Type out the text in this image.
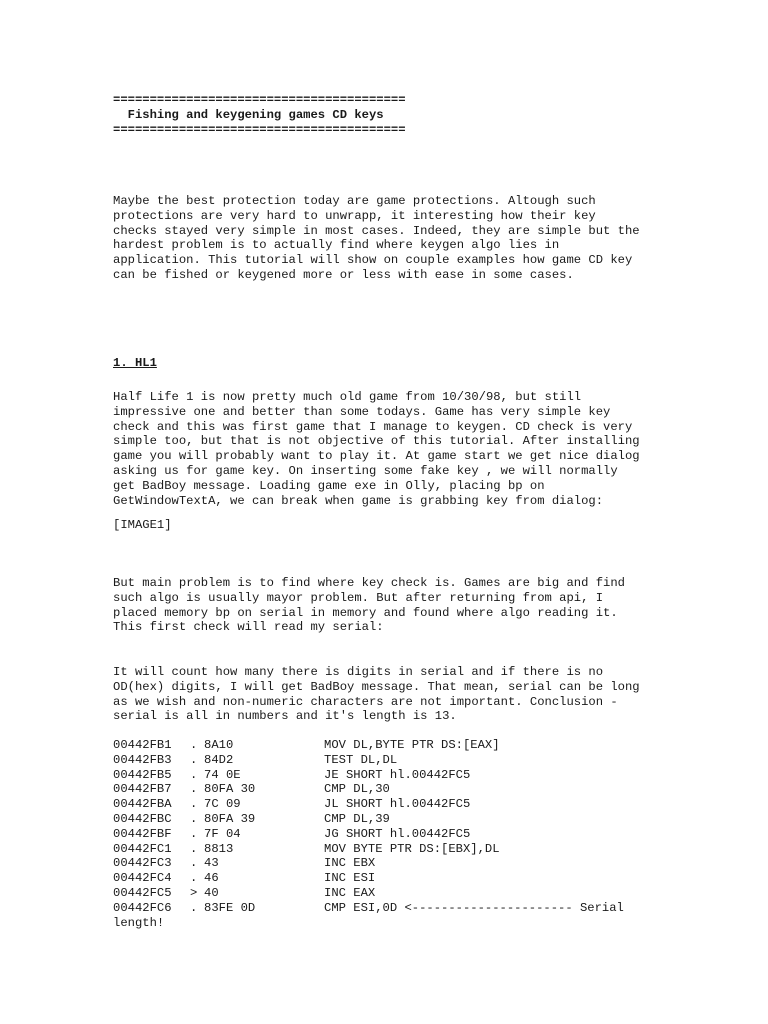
========================================
Fishing and keygening games CD keys
========================================
Maybe the best protection today are game protections. Altough such
protections are very hard to unwrapp, it interesting how their key
checks stayed very simple in most cases. Indeed, they are simple but the
hardest problem is to actually find where keygen algo lies in
application. This tutorial will show on couple examples how game CD key
can be fished or keygened more or less with ease in some cases.
1. HL1
Half Life 1 is now pretty much old game from 10/30/98, but still
impressive one and better than some todays. Game has very simple key
check and this was first game that I manage to keygen. CD check is very
simple too, but that is not objective of this tutorial. After installing
game you will probably want to play it. At game start we get nice dialog
asking us for game key. On inserting some fake key , we will normally
get BadBoy message. Loading game exe in Olly, placing bp on
GetWindowTextA, we can break when game is grabbing key from dialog:
[IMAGE1]
But main problem is to find where key check is. Games are big and find
such algo is usually mayor problem. But after returning from api, I
placed memory bp on serial in memory and found where algo reading it.
This first check will read my serial:
It will count how many there is digits in serial and if there is no
OD(hex) digits, I will get BadBoy message. That mean, serial can be long
as we wish and non-numeric characters are not important. Conclusion -
serial is all in numbers and it's length is 13.
00442FB1	. 8A10	MOV DL,BYTE PTR DS:[EAX]
00442FB3	. 84D2	TEST DL,DL
00442FB5	. 74 0E	JE SHORT hl.00442FC5
00442FB7	. 80FA 30	CMP DL,30
00442FBA	. 7C 09	JL SHORT hl.00442FC5
00442FBC	. 80FA 39	CMP DL,39
00442FBF	. 7F 04	JG SHORT hl.00442FC5
00442FC1	. 8813	MOV BYTE PTR DS:[EBX],DL
00442FC3	. 43	INC EBX
00442FC4	. 46	INC ESI
00442FC5	> 40	INC EAX
00442FC6	. 83FE 0D	CMP ESI,0D <---------------------- Serial
length!
